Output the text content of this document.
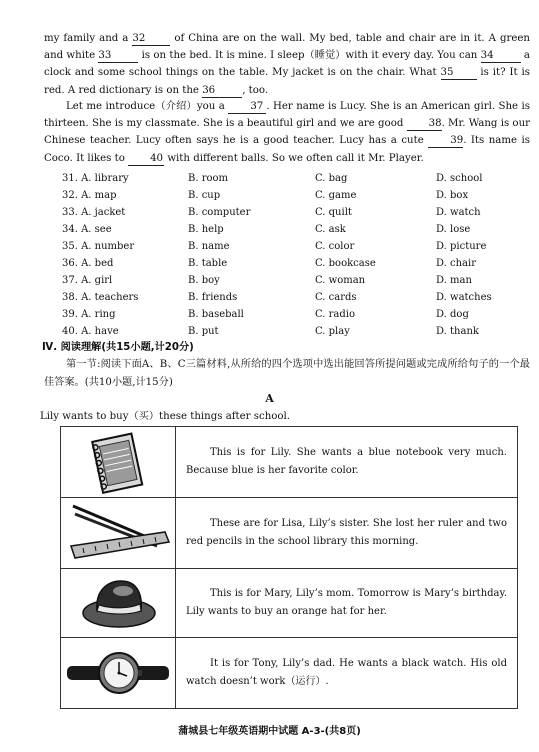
my family and a 32 of China are on the wall. My bed, table and chair are in it. A green and white 33	is on the bed. It is mine. I sleep（睡觉）with it every day. You can 34	a clock and some school things on the table. My jacket is on the chair. What 35 is it? It is red. A red dictionary is on the 36	, too.

Let me introduce（介绍）you a 37 . Her name is Lucy. She is an American girl. She is thirteen. She is my classmate. She is a beautiful girl and we are good 38. Mr. Wang is our Chinese teacher. Lucy often says he is a good teacher. Lucy has a cute 39. Its name is Coco. It likes to 40 with different balls. So we often call it Mr. Player.

31. A. library	B. room	C. bag	D. school
32. A. map	B. cup	C. game	D. box
33. A. jacket	B. computer	C. quilt	D. watch
34. A. see	B. help	C. ask	D. lose
35. A. number	B. name	C. color	D. picture
36. A. bed	B. table	C. bookcase	D. chair
37. A. girl	B. boy	C. woman	D. man
38. A. teachers	B. friends	C. cards	D. watches
39. A. ring	B. baseball	C. radio	D. dog
40. A. have	B. put	C. play	D. thank
Ⅳ. 阅读理解(共15小题,计20分)
第一节:阅读下面A、B、C三篇材料,从所给的四个选项中选出能回答所提问题或完成所给句子的一个最佳答案。(共10小题,计15分)
A
Lily wants to buy（买）these things after school.

This is for Lily. She wants a blue notebook very much. Because blue is her favorite color.

These are for Lisa, Lily’s sister. She lost her ruler and two red pencils in the school library this morning.

This is for Mary, Lily’s mom. Tomorrow is Mary’s birthday. Lily wants to buy an orange hat for her.

It is for Tony, Lily’s dad. He wants a black watch. His old watch doesn’t work（运行）.
蒲城县七年级英语期中试题 A-3-(共8页)
